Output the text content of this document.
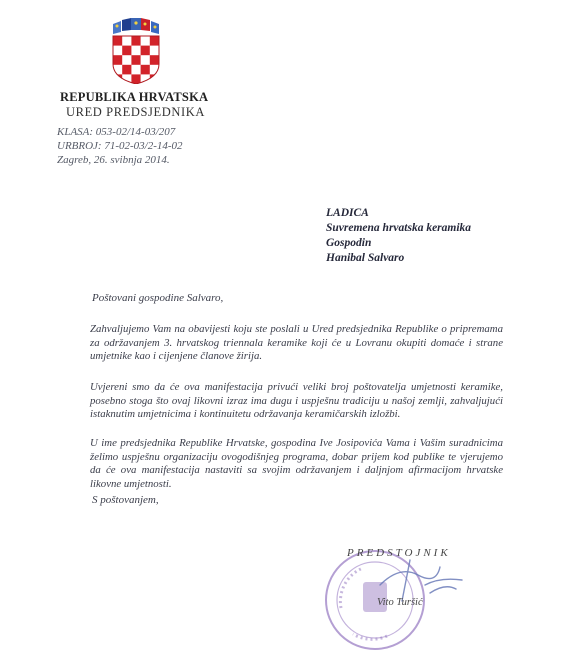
REPUBLIKA HRVATSKA
URED PREDSJEDNIKA
KLASA: 053-02/14-03/207
URBROJ: 71-02-03/2-14-02
Zagreb, 26. svibnja 2014.
LADICA
Suvremena hrvatska keramika
Gospodin
Hanibal Salvaro
Poštovani gospodine Salvaro,
Zahvaljujemo Vam na obavijesti koju ste poslali u Ured predsjednika Republike o pripremama za održavanjem 3. hrvatskog triennala keramike koji će u Lovranu okupiti domaće i strane umjetnike kao i cijenjene članove žirija.
Uvjereni smo da će ova manifestacija privući veliki broj poštovatelja umjetnosti keramike, posebno stoga što ovaj likovni izraz ima dugu i uspješnu tradiciju u našoj zemlji, zahvaljujući istaknutim umjetnicima i kontinuitetu održavanja keramičarskih izložbi.
U ime predsjednika Republike Hrvatske, gospodina Ive Josipovića Vama i Vašim suradnicima želimo uspješnu organizaciju ovogodišnjeg programa, dobar prijem kod publike te vjerujemo da će ova manifestacija nastaviti sa svojim održavanjem i daljnjom afirmacijom hrvatske likovne umjetnosti.
S poštovanjem,
PREDSTOJNIK
Vito Turšić
